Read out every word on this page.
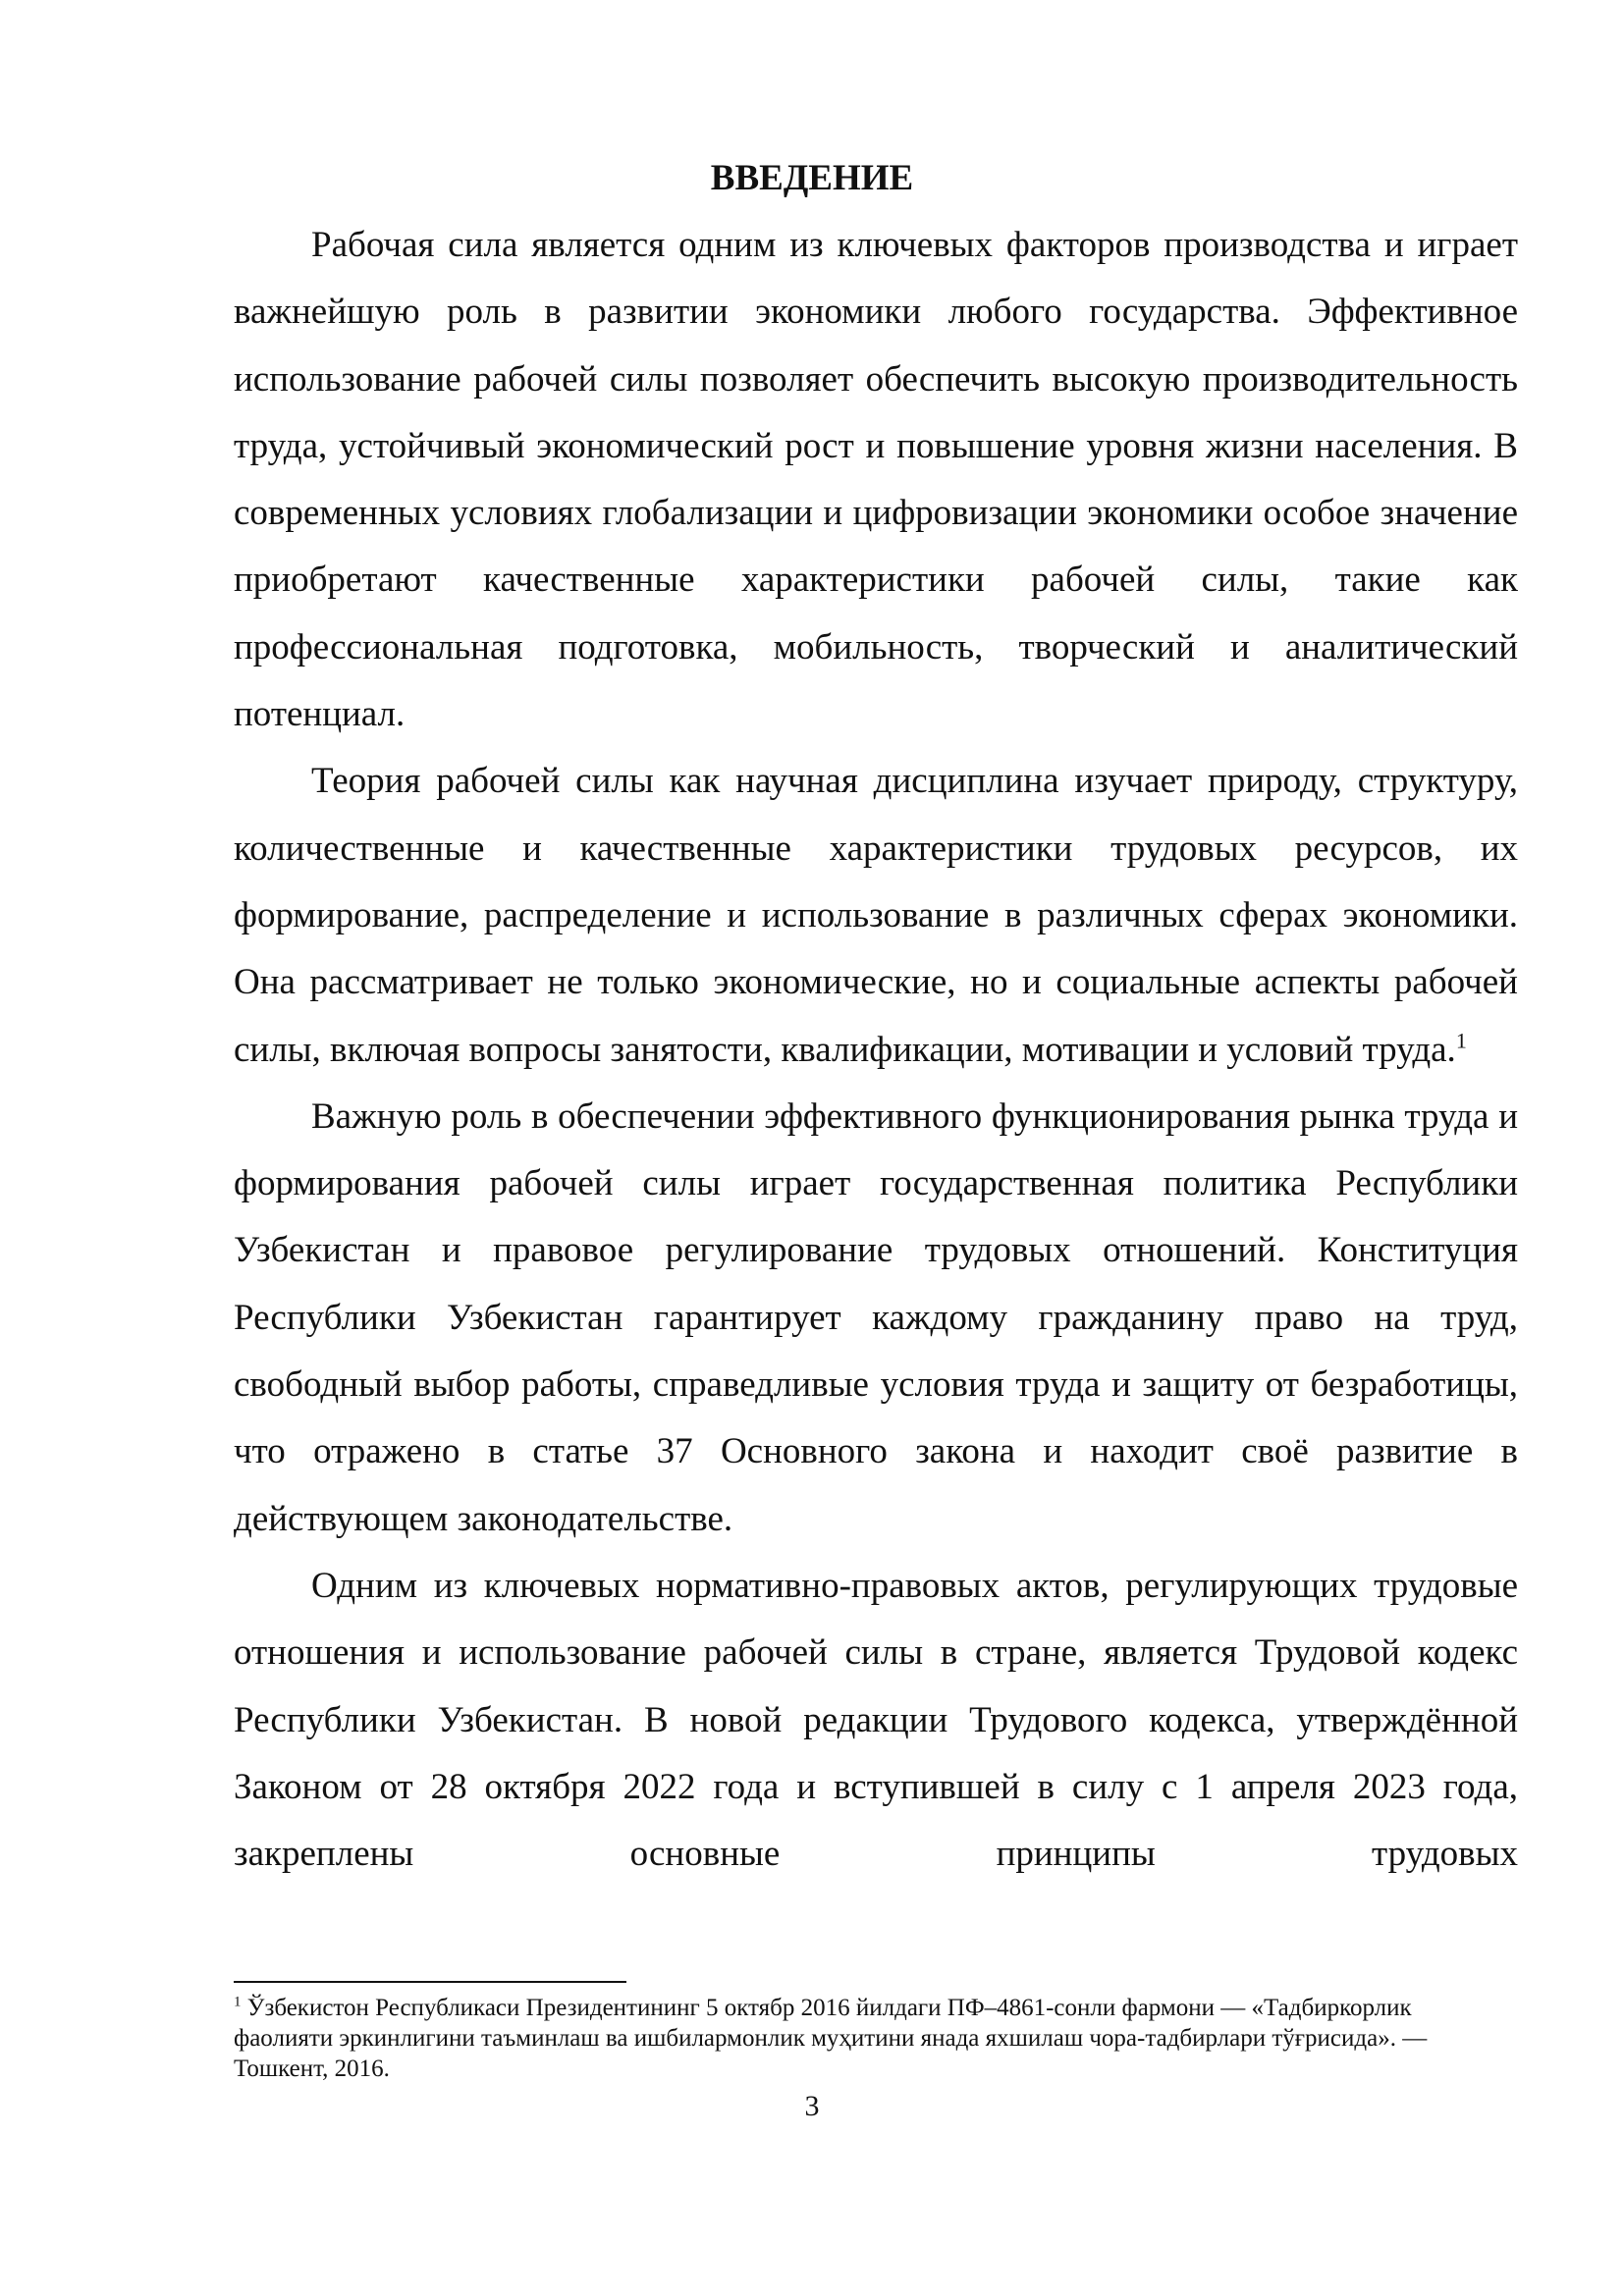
ВВЕДЕНИЕ

Рабочая сила является одним из ключевых факторов производства и играет важнейшую роль в развитии экономики любого государства. Эффективное использование рабочей силы позволяет обеспечить высокую производительность труда, устойчивый экономический рост и повышение уровня жизни населения. В современных условиях глобализации и цифровизации экономики особое значение приобретают качественные характеристики рабочей силы, такие как профессиональная подготовка, мобильность, творческий и аналитический потенциал.

Теория рабочей силы как научная дисциплина изучает природу, структуру, количественные и качественные характеристики трудовых ресурсов, их формирование, распределение и использование в различных сферах экономики. Она рассматривает не только экономические, но и социальные аспекты рабочей силы, включая вопросы занятости, квалификации, мотивации и условий труда.$^1$

Важную роль в обеспечении эффективного функционирования рынка труда и формирования рабочей силы играет государственная политика Республики Узбекистан и правовое регулирование трудовых отношений. Конституция Республики Узбекистан гарантирует каждому гражданину право на труд, свободный выбор работы, справедливые условия труда и защиту от безработицы, что отражено в статье 37 Основного закона и находит своё развитие в действующем законодательстве.

Одним из ключевых нормативно-правовых актов, регулирующих трудовые отношения и использование рабочей силы в стране, является Трудовой кодекс Республики Узбекистан. В новой редакции Трудового кодекса, утверждённой Законом от 28 октября 2022 года и вступившей в силу с 1 апреля 2023 года, закреплены основные принципы трудовых

$^1$ Ўзбекистон Республикаси Президентининг 5 октябр 2016 йилдаги ПФ–4861-сонли фармони — «Тадбиркорлик фаолияти эркинлигини таъминлаш ва ишбилармонлик муҳитини янада яхшилаш чора-тадбирлари тўғрисида». — Тошкент, 2016.

3
